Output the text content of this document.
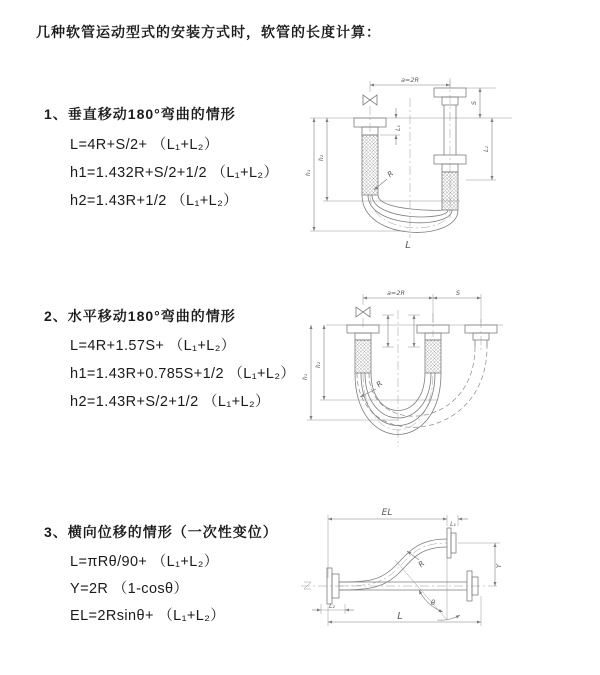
几种软管运动型式的安装方式时，软管的长度计算：
1、垂直移动180°弯曲的情形
L=4R+S/2+ （L₁+L₂）
h1=1.432R+S/2+1/2 （L₁+L₂）
h2=1.43R+1/2 （L₁+L₂）
2、水平移动180°弯曲的情形
L=4R+1.57S+ （L₁+L₂）
h1=1.43R+0.785S+1/2 （L₁+L₂）
h2=1.43R+S/2+1/2 （L₁+L₂）
3、横向位移的情形（一次性变位）
L=πRθ/90+ （L₁+L₂）
Y=2R （1-cosθ）
EL=2Rsinθ+ （L₁+L₂）
a=2R
L₁
S
L₂
h₂
h₁	R
L
a=2R	S
h₂
h₁
R
EL
L₁
Y
θ
R
L
L₂
